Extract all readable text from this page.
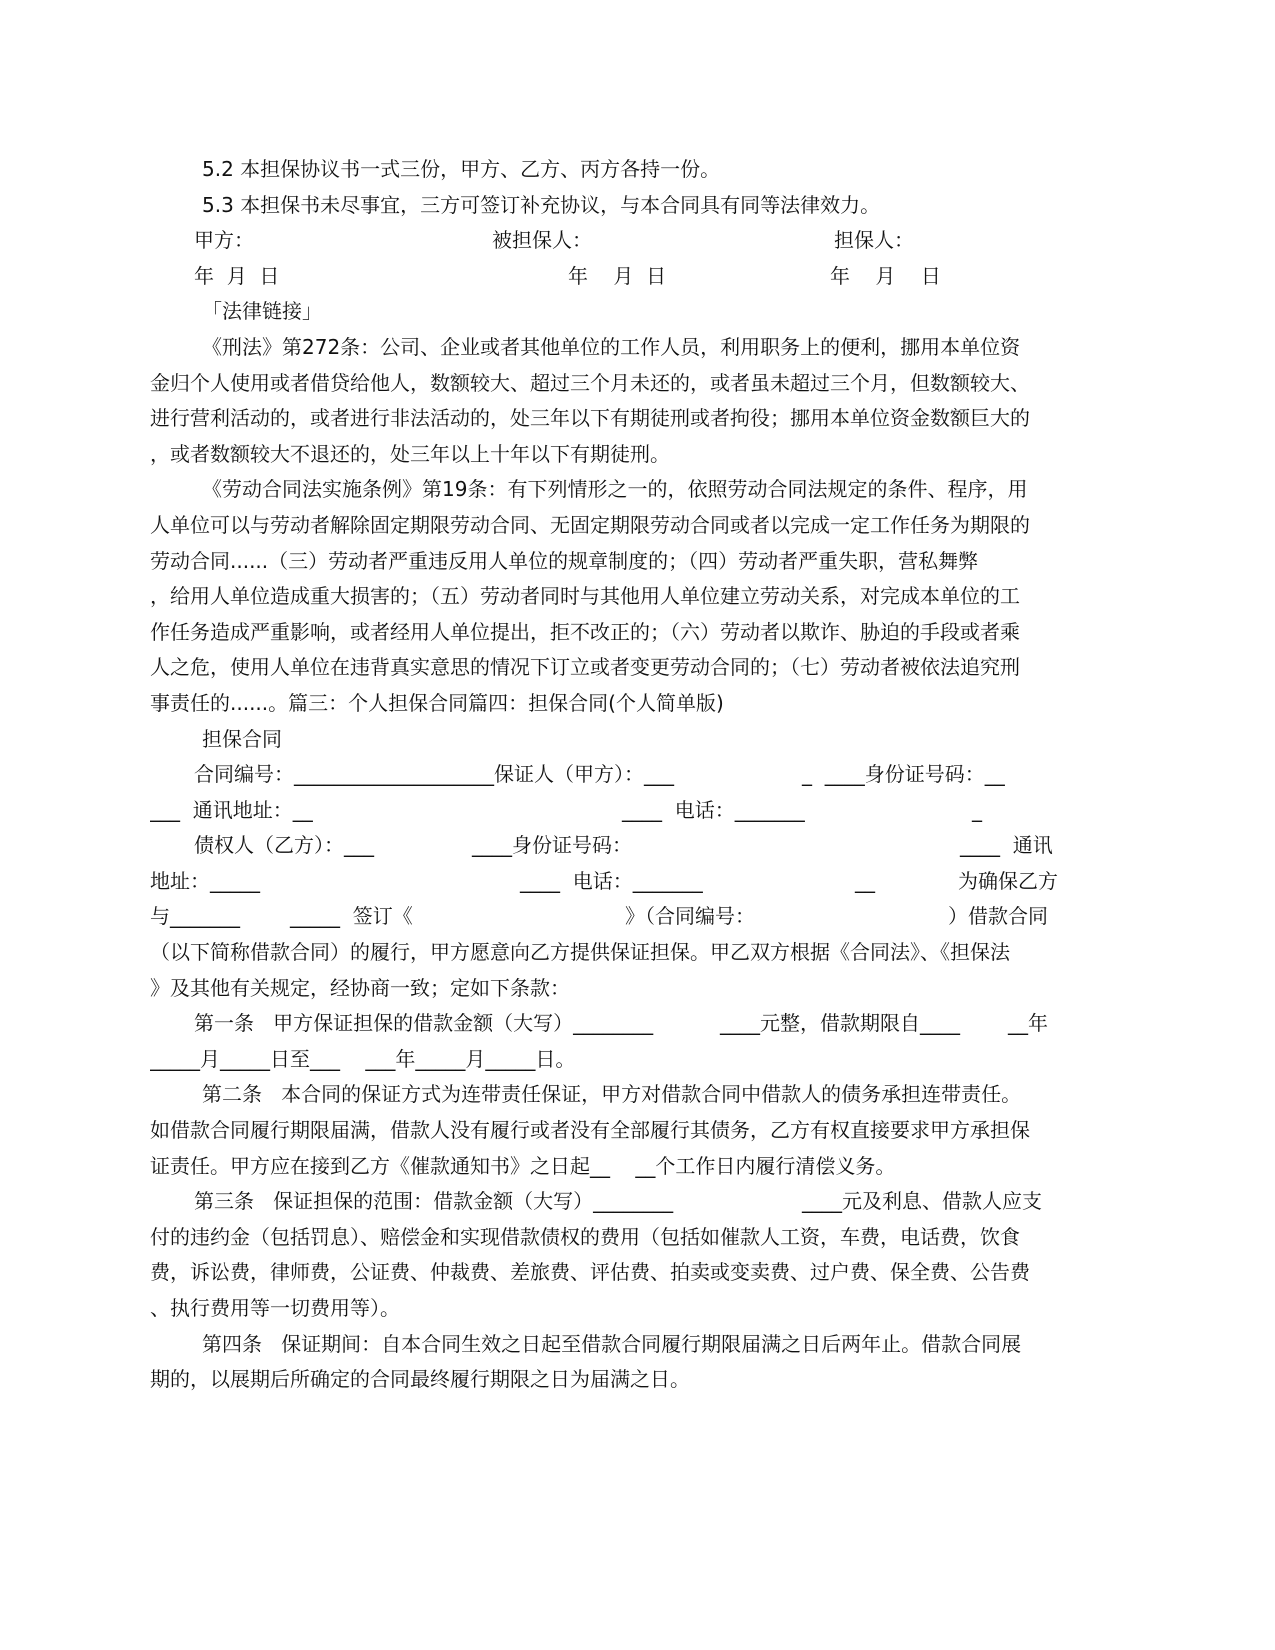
5.2 本担保协议书一式三份，甲方、乙方、丙方各持一份。
5.3 本担保书未尽事宜，三方可签订补充协议，与本合同具有同等法律效力。

甲方：

	被担保人：

	担保人：

年  月  日

	年    月  日

	年    月    日

「法律链接」
《刑法》第272条：公司、企业或者其他单位的工作人员，利用职务上的便利，挪用本单位资
金归个人使用或者借贷给他人，数额较大、超过三个月未还的，或者虽未超过三个月，但数额较大、
进行营利活动的，或者进行非法活动的，处三年以下有期徒刑或者拘役；挪用本单位资金数额巨大的
，或者数额较大不退还的，处三年以上十年以下有期徒刑。
《劳动合同法实施条例》第19条：有下列情形之一的，依照劳动合同法规定的条件、程序，用
人单位可以与劳动者解除固定期限劳动合同、无固定期限劳动合同或者以完成一定工作任务为期限的
劳动合同......（三）劳动者严重违反用人单位的规章制度的；（四）劳动者严重失职，营私舞弊
，给用人单位造成重大损害的；（五）劳动者同时与其他用人单位建立劳动关系，对完成本单位的工
作任务造成严重影响，或者经用人单位提出，拒不改正的；（六）劳动者以欺诈、胁迫的手段或者乘
人之危，使用人单位在违背真实意思的情况下订立或者变更劳动合同的；（七）劳动者被依法追究刑
事责任的......。篇三：个人担保合同篇四：担保合同(个人简单版)
担保合同

合同编号：____________________保证人（甲方）：___

	_  ____身份证号码：__

___  通讯地址：__

	____  电话：_______

	_

债权人（乙方）：___

	____身份证号码：

	____  通讯

地址：_____

	____  电话：_______

	__

	为确保乙方

与_______

	_____  签订《

	》（合同编号：

	）借款合同

（以下简称借款合同）的履行，甲方愿意向乙方提供保证担保。甲乙双方根据《合同法》、《担保法
》及其他有关规定，经协商一致；定如下条款：

第一条   甲方保证担保的借款金额（大写）________

	____元整，借款期限自____

__年

_____月_____日至___    ___年_____月_____日。
第二条   本合同的保证方式为连带责任保证，甲方对借款合同中借款人的债务承担连带责任。
如借款合同履行期限届满，借款人没有履行或者没有全部履行其债务，乙方有权直接要求甲方承担保
证责任。甲方应在接到乙方《催款通知书》之日起__    __个工作日内履行清偿义务。

第三条   保证担保的范围：借款金额（大写）________

	____元及利息、借款人应支

付的违约金（包括罚息）、赔偿金和实现借款债权的费用（包括如催款人工资，车费，电话费，饮食
费，诉讼费，律师费，公证费、仲裁费、差旅费、评估费、拍卖或变卖费、过户费、保全费、公告费
、执行费用等一切费用等）。
第四条   保证期间：自本合同生效之日起至借款合同履行期限届满之日后两年止。借款合同展
期的，以展期后所确定的合同最终履行期限之日为届满之日。
